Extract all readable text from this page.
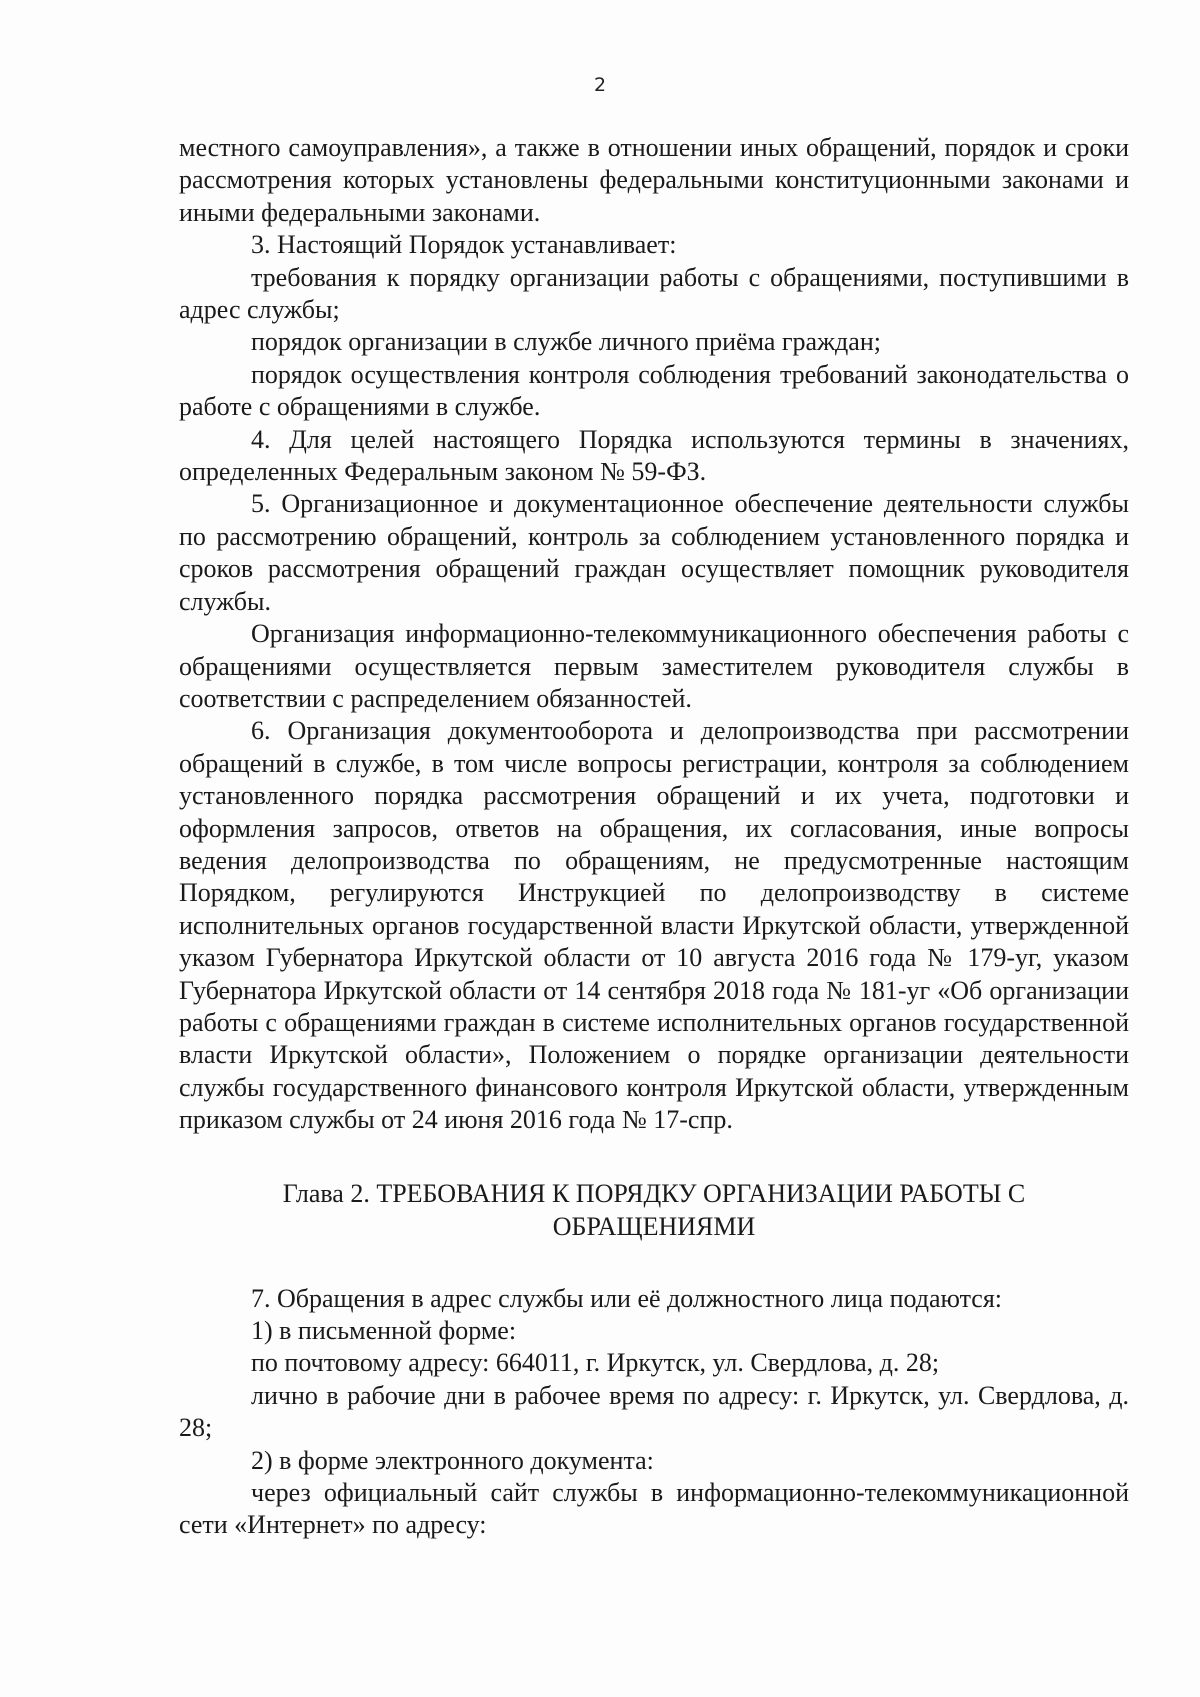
2

местного самоуправления», а также в отношении иных обращений, порядок и сроки рассмотрения которых установлены федеральными конституционными законами и иными федеральными законами.

3. Настоящий Порядок устанавливает:

требования к порядку организации работы с обращениями, поступившими в адрес службы;

порядок организации в службе личного приёма граждан;

порядок осуществления контроля соблюдения требований законодательства о работе с обращениями в службе.

4. Для целей настоящего Порядка используются термины в значениях, определенных Федеральным законом № 59-ФЗ.

5. Организационное и документационное обеспечение деятельности службы по рассмотрению обращений, контроль за соблюдением установленного порядка и сроков рассмотрения обращений граждан осуществляет помощник руководителя службы.

Организация информационно-телекоммуникационного обеспечения работы с обращениями осуществляется первым заместителем руководителя службы в соответствии с распределением обязанностей.

6. Организация документооборота и делопроизводства при рассмотрении обращений в службе, в том числе вопросы регистрации, контроля за соблюдением установленного порядка рассмотрения обращений и их учета, подготовки и оформления запросов, ответов на обращения, их согласования, иные вопросы ведения делопроизводства по обращениям, не предусмотренные настоящим Порядком, регулируются Инструкцией по делопроизводству в системе исполнительных органов государственной власти Иркутской области, утвержденной указом Губернатора Иркутской области от 10 августа 2016 года № 179-уг, указом Губернатора Иркутской области от 14 сентября 2018 года № 181-уг «Об организации работы с обращениями граждан в системе исполнительных органов государственной власти Иркутской области», Положением о порядке организации деятельности службы государственного финансового контроля Иркутской области, утвержденным приказом службы от 24 июня 2016 года № 17-спр.

Глава 2. ТРЕБОВАНИЯ К ПОРЯДКУ ОРГАНИЗАЦИИ РАБОТЫ С
ОБРАЩЕНИЯМИ

7. Обращения в адрес службы или её должностного лица подаются:

1) в письменной форме:

по почтовому адресу: 664011, г. Иркутск, ул. Свердлова, д. 28;

лично в рабочие дни в рабочее время по адресу: г. Иркутск, ул. Свердлова, д. 28;

2) в форме электронного документа:

через официальный сайт службы в информационно-телекоммуникационной сети «Интернет» по адресу:
